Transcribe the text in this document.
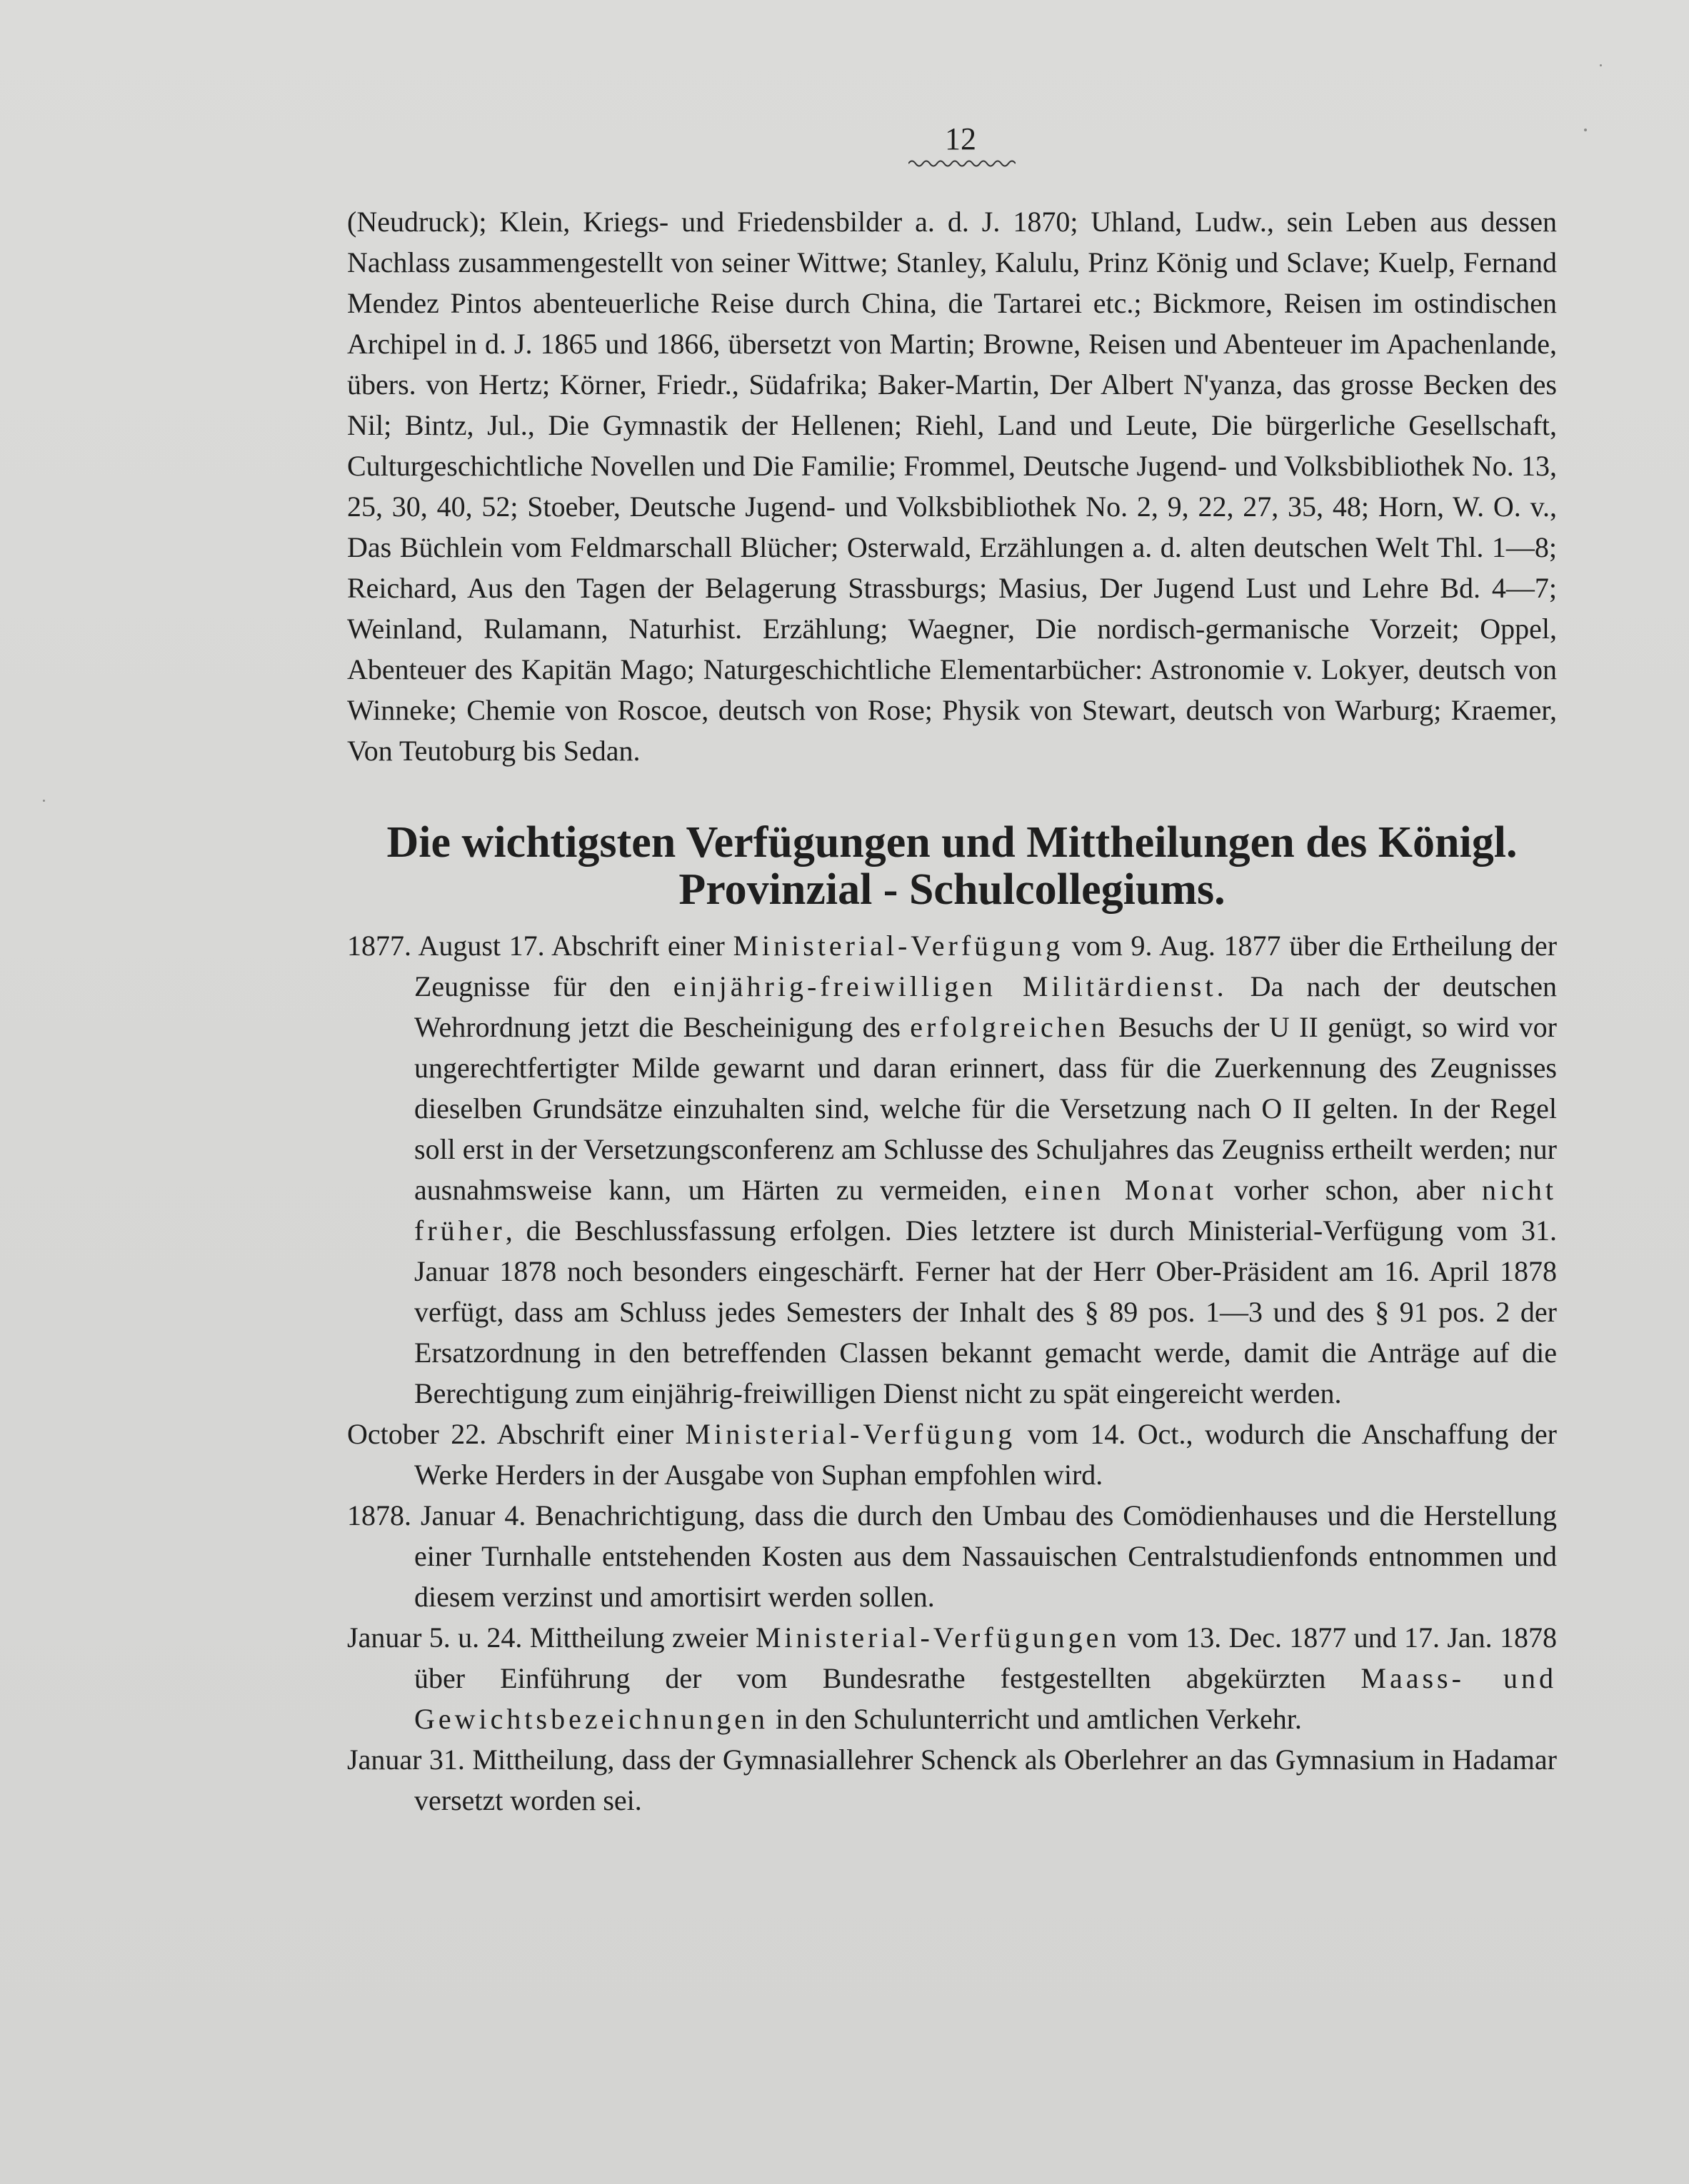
12

(Neudruck); Klein, Kriegs- und Friedensbilder a. d. J. 1870; Uhland, Ludw., sein Leben aus dessen Nachlass zusammengestellt von seiner Wittwe; Stanley, Kalulu, Prinz König und Sclave; Kuelp, Fernand Mendez Pintos abenteuerliche Reise durch China, die Tartarei etc.; Bickmore, Reisen im ostindischen Archipel in d. J. 1865 und 1866, übersetzt von Martin; Browne, Reisen und Abenteuer im Apachenlande, übers. von Hertz; Körner, Friedr., Südafrika; Baker-Martin, Der Albert N'yanza, das grosse Becken des Nil; Bintz, Jul., Die Gymnastik der Hellenen; Riehl, Land und Leute, Die bürgerliche Gesellschaft, Culturgeschichtliche Novellen und Die Familie; Frommel, Deutsche Jugend- und Volksbibliothek No. 13, 25, 30, 40, 52; Stoeber, Deutsche Jugend- und Volksbibliothek No. 2, 9, 22, 27, 35, 48; Horn, W. O. v., Das Büchlein vom Feldmarschall Blücher; Osterwald, Erzählungen a. d. alten deutschen Welt Thl. 1—8; Reichard, Aus den Tagen der Belagerung Strassburgs; Masius, Der Jugend Lust und Lehre Bd. 4—7; Weinland, Rulamann, Naturhist. Erzählung; Waegner, Die nordisch-germanische Vorzeit; Oppel, Abenteuer des Kapitän Mago; Naturgeschichtliche Elementarbücher: Astronomie v. Lokyer, deutsch von Winneke; Chemie von Roscoe, deutsch von Rose; Physik von Stewart, deutsch von Warburg; Kraemer, Von Teutoburg bis Sedan.

Die wichtigsten Verfügungen und Mittheilungen des Königl.
Provinzial - Schulcollegiums.

1877. August 17. Abschrift einer Ministerial-Verfügung vom 9. Aug. 1877 über die Ertheilung der Zeugnisse für den einjährig-freiwilligen Militärdienst. Da nach der deutschen Wehrordnung jetzt die Bescheinigung des erfolgreichen Besuchs der U II genügt, so wird vor ungerechtfertigter Milde gewarnt und daran erinnert, dass für die Zuerkennung des Zeugnisses dieselben Grundsätze einzuhalten sind, welche für die Versetzung nach O II gelten. In der Regel soll erst in der Versetzungsconferenz am Schlusse des Schuljahres das Zeugniss ertheilt werden; nur ausnahmsweise kann, um Härten zu vermeiden, einen Monat vorher schon, aber nicht früher, die Beschlussfassung erfolgen. Dies letztere ist durch Ministerial-Verfügung vom 31. Januar 1878 noch besonders eingeschärft. Ferner hat der Herr Ober-Präsident am 16. April 1878 verfügt, dass am Schluss jedes Semesters der Inhalt des § 89 pos. 1—3 und des § 91 pos. 2 der Ersatzordnung in den betreffenden Classen bekannt gemacht werde, damit die Anträge auf die Berechtigung zum einjährig-freiwilligen Dienst nicht zu spät eingereicht werden.

October 22. Abschrift einer Ministerial-Verfügung vom 14. Oct., wodurch die Anschaffung der Werke Herders in der Ausgabe von Suphan empfohlen wird.

1878. Januar 4. Benachrichtigung, dass die durch den Umbau des Comödienhauses und die Herstellung einer Turnhalle entstehenden Kosten aus dem Nassauischen Centralstudienfonds entnommen und diesem verzinst und amortisirt werden sollen.

Januar 5. u. 24. Mittheilung zweier Ministerial-Verfügungen vom 13. Dec. 1877 und 17. Jan. 1878 über Einführung der vom Bundesrathe festgestellten abgekürzten Maass- und Gewichtsbezeichnungen in den Schulunterricht und amtlichen Verkehr.

Januar 31. Mittheilung, dass der Gymnasiallehrer Schenck als Oberlehrer an das Gymnasium in Hadamar versetzt worden sei.
